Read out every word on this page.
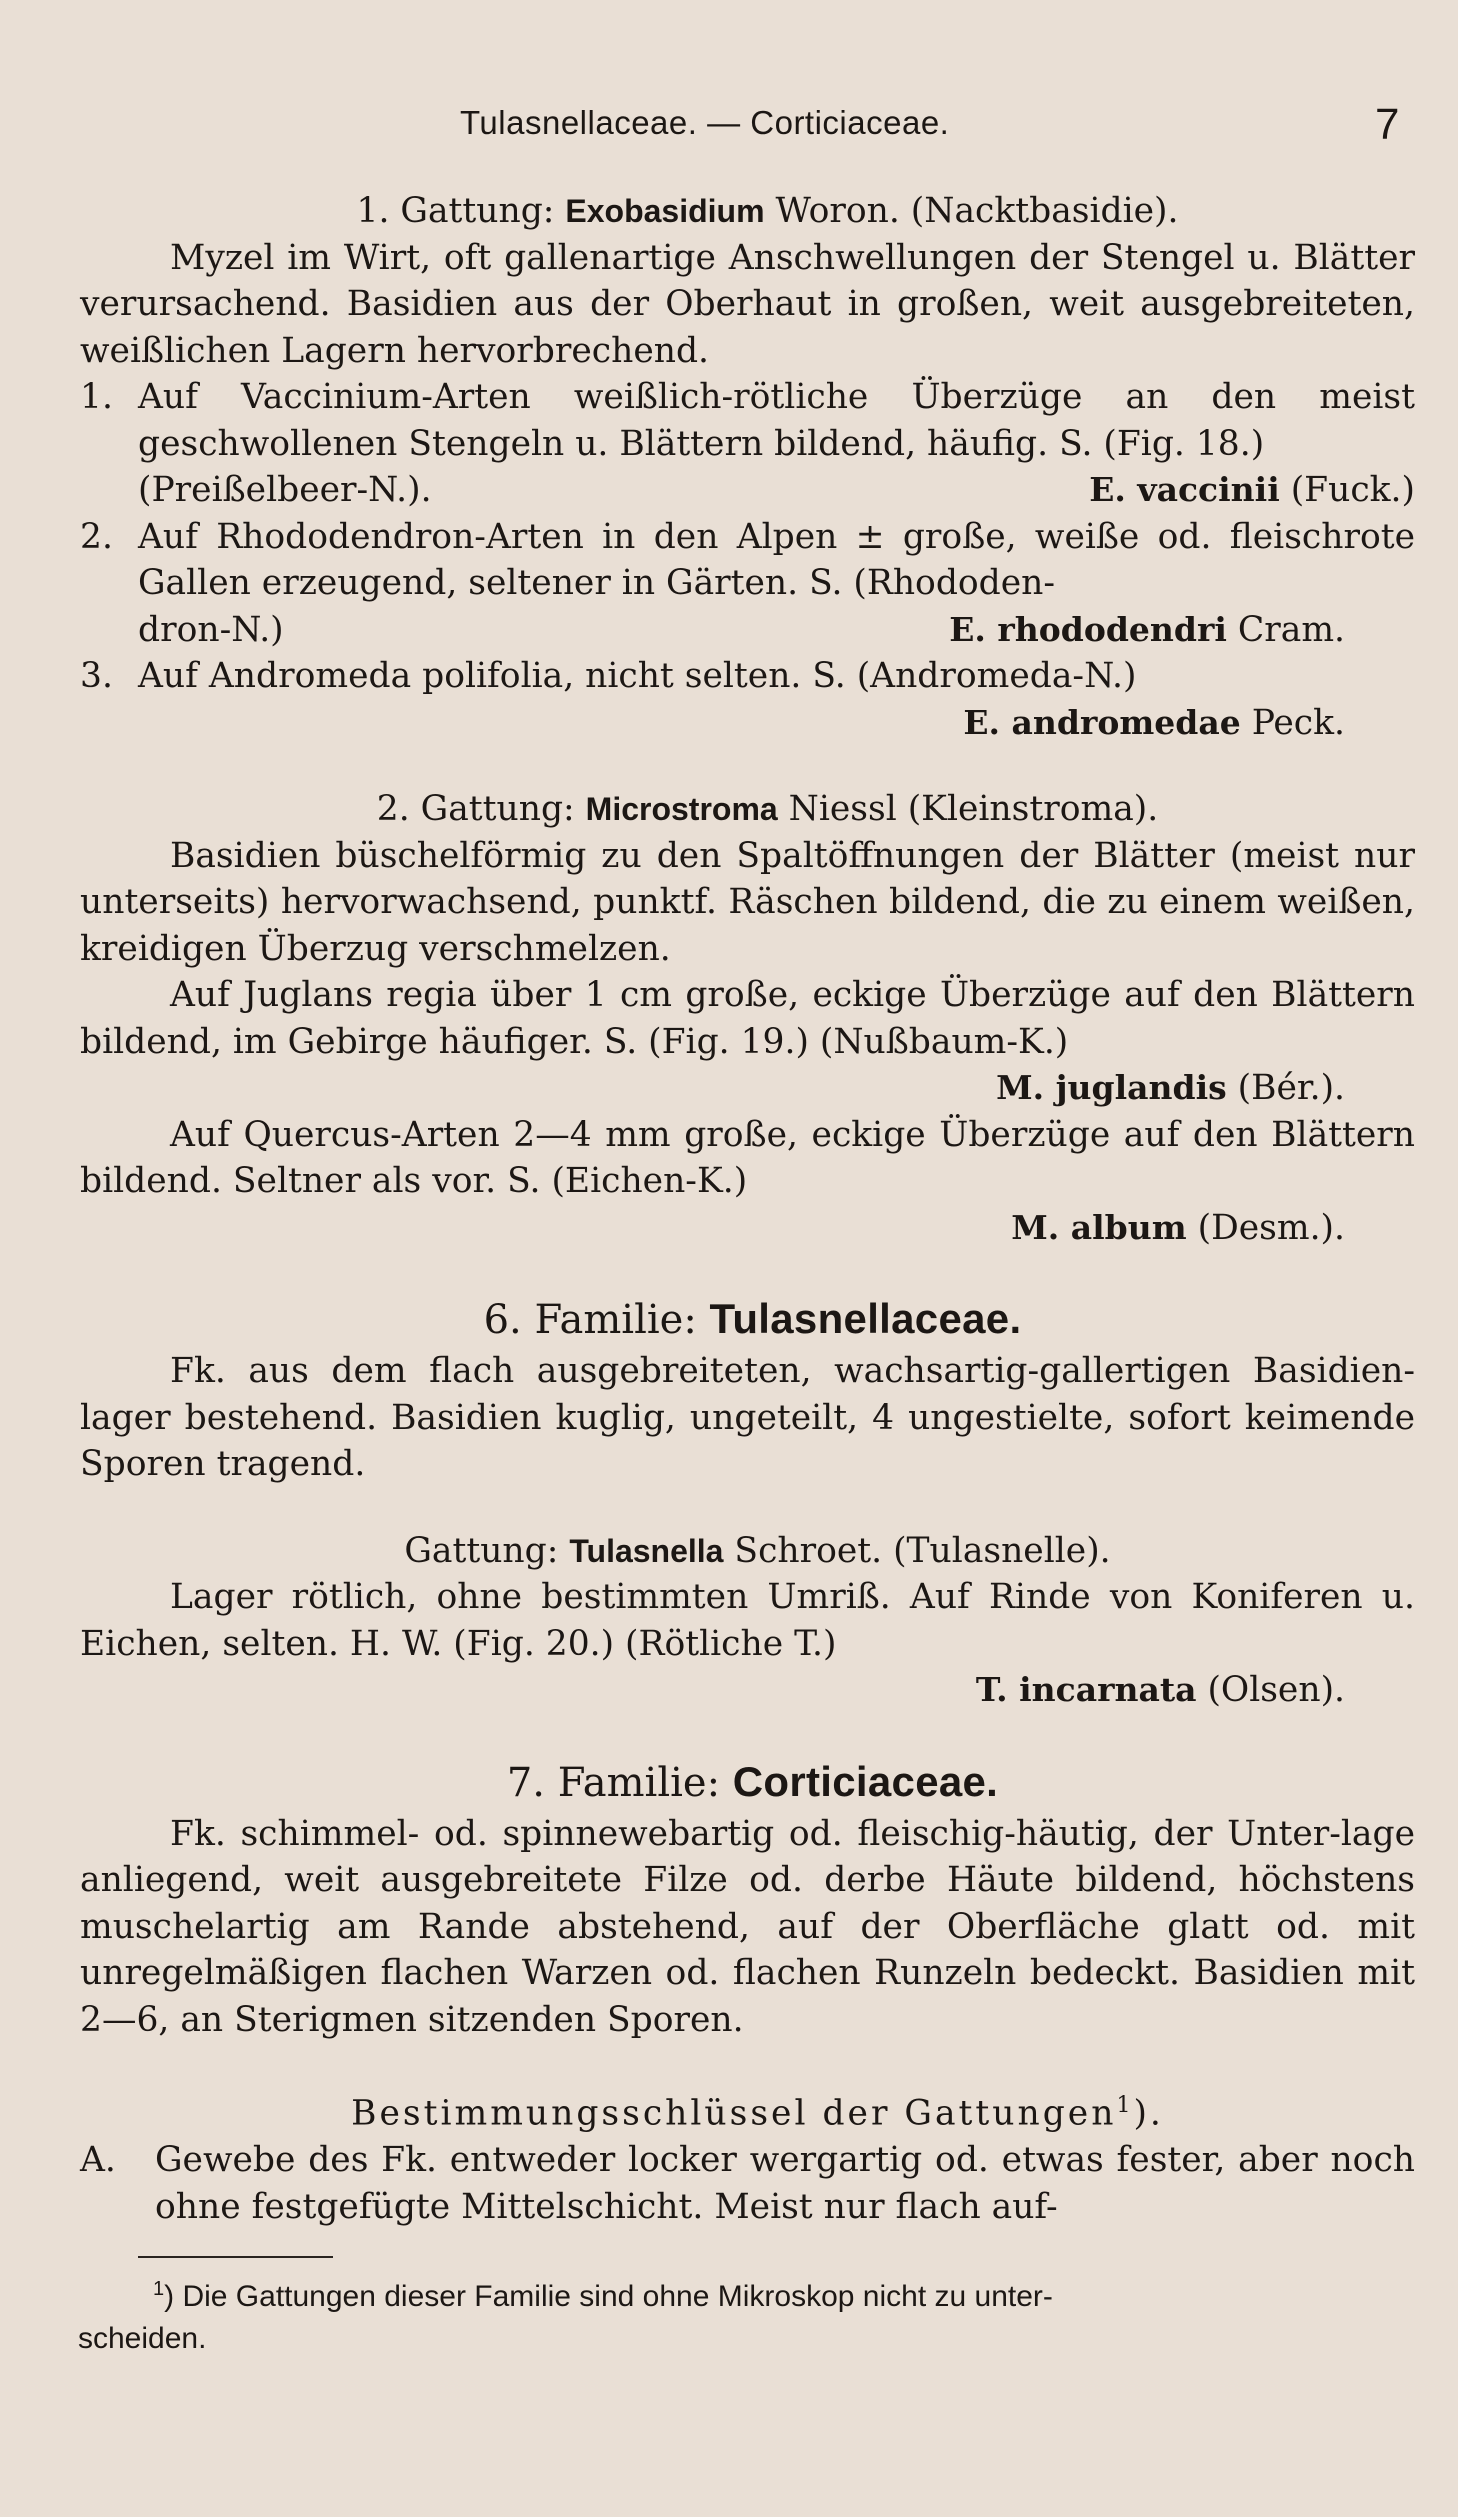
Tulasnellaceae. — Corticiaceae.	7

1. Gattung: Exobasidium Woron. (Nacktbasidie).

Myzel im Wirt, oft gallenartige Anschwellungen der Stengel u. Blätter verursachend. Basidien aus der Oberhaut in großen, weit ausgebreiteten, weißlichen Lagern hervorbrechend.

1. Auf Vaccinium-Arten weißlich-rötliche Überzüge an den meist geschwollenen Stengeln u. Blättern bildend, häufig. S. (Fig. 18.)
(Preißelbeer-N.).	E. vaccinii (Fuck.)
2. Auf Rhododendron-Arten in den Alpen ± große, weiße od. fleischrote Gallen erzeugend, seltener in Gärten. S. (Rhododen-
dron-N.)	E. rhododendri Cram.
3. Auf Andromeda polifolia, nicht selten. S. (Andromeda-N.)
E. andromedae Peck.

2. Gattung: Microstroma Niessl (Kleinstroma).

Basidien büschelförmig zu den Spaltöffnungen der Blätter (meist nur unterseits) hervorwachsend, punktf. Räschen bildend, die zu einem weißen, kreidigen Überzug verschmelzen.

Auf Juglans regia über 1 cm große, eckige Überzüge auf den Blättern bildend, im Gebirge häufiger. S. (Fig. 19.) (Nußbaum-K.)

M. juglandis (Bér.).

Auf Quercus-Arten 2—4 mm große, eckige Überzüge auf den Blättern bildend. Seltner als vor. S. (Eichen-K.)

M. album (Desm.).

6. Familie: Tulasnellaceae.

Fk. aus dem flach ausgebreiteten, wachsartig-gallertigen Basidien-lager bestehend. Basidien kuglig, ungeteilt, 4 ungestielte, sofort keimende Sporen tragend.

Gattung: Tulasnella Schroet. (Tulasnelle).

Lager rötlich, ohne bestimmten Umriß. Auf Rinde von Koniferen u. Eichen, selten. H. W. (Fig. 20.) (Rötliche T.)

T. incarnata (Olsen).

7. Familie: Corticiaceae.

Fk. schimmel- od. spinnewebartig od. fleischig-häutig, der Unter-lage anliegend, weit ausgebreitete Filze od. derbe Häute bildend, höchstens muschelartig am Rande abstehend, auf der Oberfläche glatt od. mit unregelmäßigen flachen Warzen od. flachen Runzeln bedeckt. Basidien mit 2—6, an Sterigmen sitzenden Sporen.

Bestimmungsschlüssel der Gattungen$^1$).

A.	Gewebe des Fk. entweder locker wergartig od. etwas fester, aber noch ohne festgefügte Mittelschicht. Meist nur flach auf-

$^1$) Die Gattungen dieser Familie sind ohne Mikroskop nicht zu unter-

scheiden.
